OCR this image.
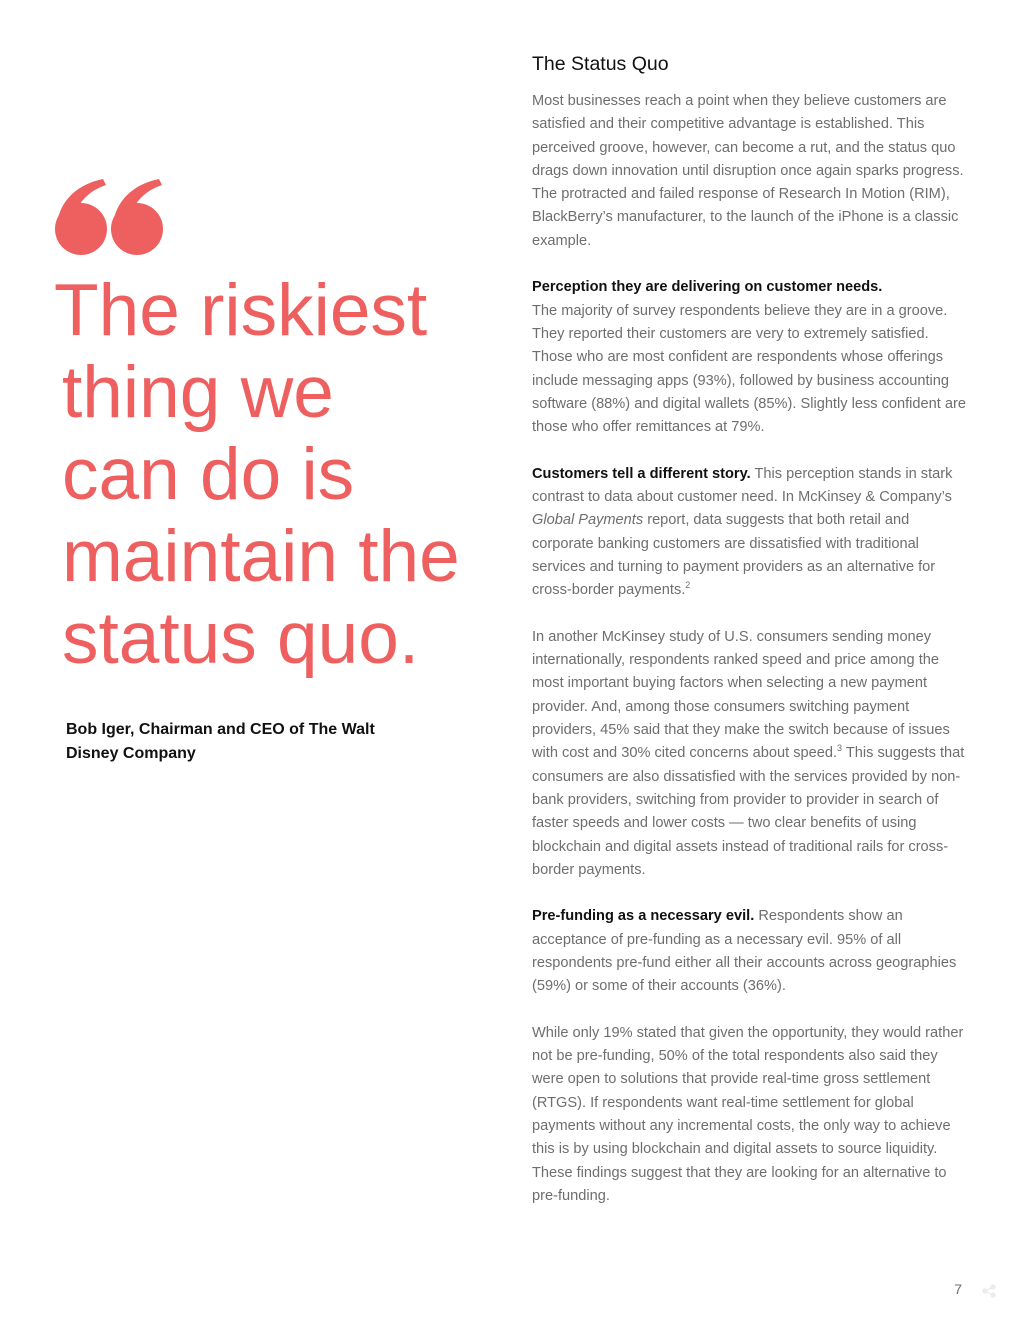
The riskiest
thing we
can do is
maintain the
status quo.
Bob Iger, Chairman and CEO of The Walt Disney Company
The Status Quo

Most businesses reach a point when they believe customers are satisfied and their competitive advantage is established. This perceived groove, however, can become a rut, and the status quo drags down innovation until disruption once again sparks progress. The protracted and failed response of Research In Motion (RIM), BlackBerry’s manufacturer, to the launch of the iPhone is a classic example.

Perception they are delivering on customer needs.
The majority of survey respondents believe they are in a groove. They reported their customers are very to extremely satisfied. Those who are most confident are respondents whose offerings include messaging apps (93%), followed by business accounting software (88%) and digital wallets (85%). Slightly less confident are those who offer remittances at 79%.

Customers tell a different story. This perception stands in stark contrast to data about customer need. In McKinsey & Company’s Global Payments report, data suggests that both retail and corporate banking customers are dissatisfied with traditional services and turning to payment providers as an alternative for cross-border payments.$^2$

In another McKinsey study of U.S. consumers sending money internationally, respondents ranked speed and price among the most important buying factors when selecting a new payment provider. And, among those consumers switching payment providers, 45% said that they make the switch because of issues with cost and 30% cited concerns about speed.$^3$ This suggests that consumers are also dissatisfied with the services provided by non-bank providers, switching from provider to provider in search of faster speeds and lower costs — two clear benefits of using blockchain and digital assets instead of traditional rails for cross-border payments.

Pre-funding as a necessary evil. Respondents show an acceptance of pre-funding as a necessary evil. 95% of all respondents pre-fund either all their accounts across geographies (59%) or some of their accounts (36%).

While only 19% stated that given the opportunity, they would rather not be pre-funding, 50% of the total respondents also said they were open to solutions that provide real-time gross settlement (RTGS). If respondents want real-time settlement for global payments without any incremental costs, the only way to achieve this is by using blockchain and digital assets to source liquidity. These findings suggest that they are looking for an alternative to pre-funding.

7
